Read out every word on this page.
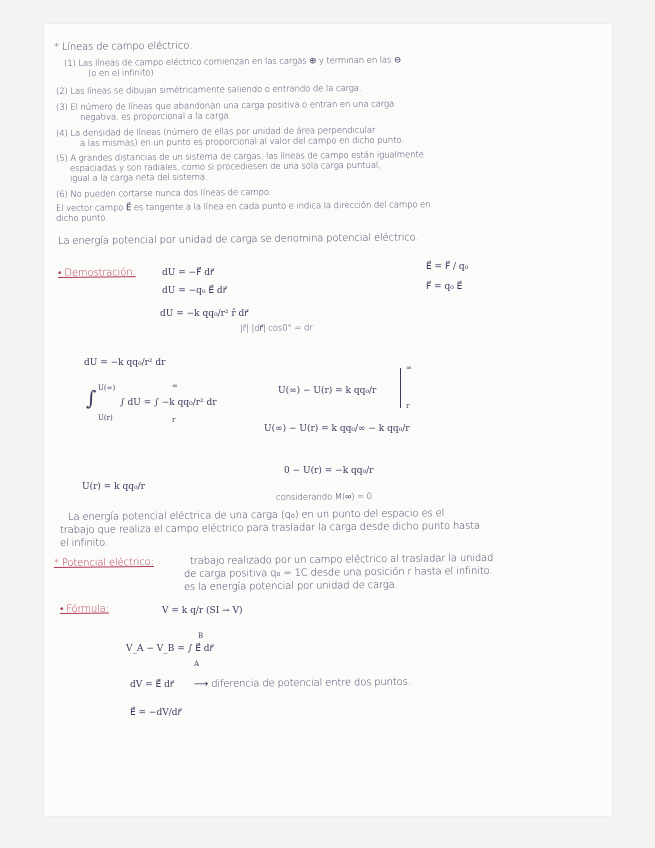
* Líneas de campo eléctrico:
(1) Las líneas de campo eléctrico comienzan en las cargas ⊕ y terminan en las ⊖
(o en el infinito)
(2) Las líneas se dibujan simétricamente saliendo o entrando de la carga.
(3) El número de líneas que abandonan una carga positiva o entran en una carga
negativa, es proporcional a la carga.
(4) La densidad de líneas (número de ellas por unidad de área perpendicular
a las mismas) en un punto es proporcional al valor del campo en dicho punto.
(5) A grandes distancias de un sistema de cargas, las líneas de campo están igualmente
espaciadas y son radiales, como si procediesen de una sola carga puntual,
igual a la carga neta del sistema.
(6) No pueden cortarse nunca dos líneas de campo.
El vector campo E⃗ es tangente a la línea en cada punto e indica la dirección del campo en
dicho punto.
La energía potencial por unidad de carga se denomina potencial eléctrico.
• Demostración:	dU = −F⃗ dr⃗
dU = −q₀ E⃗ dr⃗
dU = −k qq₀/r² r̂ dr⃗
|r̂|·|dr⃗|·cos0° = dr
E⃗ = F⃗ / q₀
F⃗ = q₀ E⃗
dU = −k qq₀/r² dr
∫ U(∞)
U(r)
∫ dU = ∫ −k qq₀/r² dr
∞
r
U(∞) − U(r) = k qq₀/r
∞
r
U(∞) − U(r) = k qq₀/∞ − k qq₀/r
0 − U(r) = −k qq₀/r
U(r) = k qq₀/r
considerando M(∞) = 0
La energía potencial eléctrica de una carga (q₀) en un punto del espacio es el
trabajo que realiza el campo eléctrico para trasladar la carga desde dicho punto hasta
el infinito.
* Potencial eléctrico:	trabajo realizado por un campo eléctrico al trasladar la unidad
de carga positiva q₀ = 1C desde una posición r hasta el infinito.
es la energía potencial por unidad de carga.
• Fórmula:	V = k q/r (SI → V)
V_A − V_B = ∫ E⃗ dr⃗
B
A
dV = E⃗ dr⃗ ⟶ diferencia de potencial entre dos puntos.
E⃗ = −dV/dr⃗
